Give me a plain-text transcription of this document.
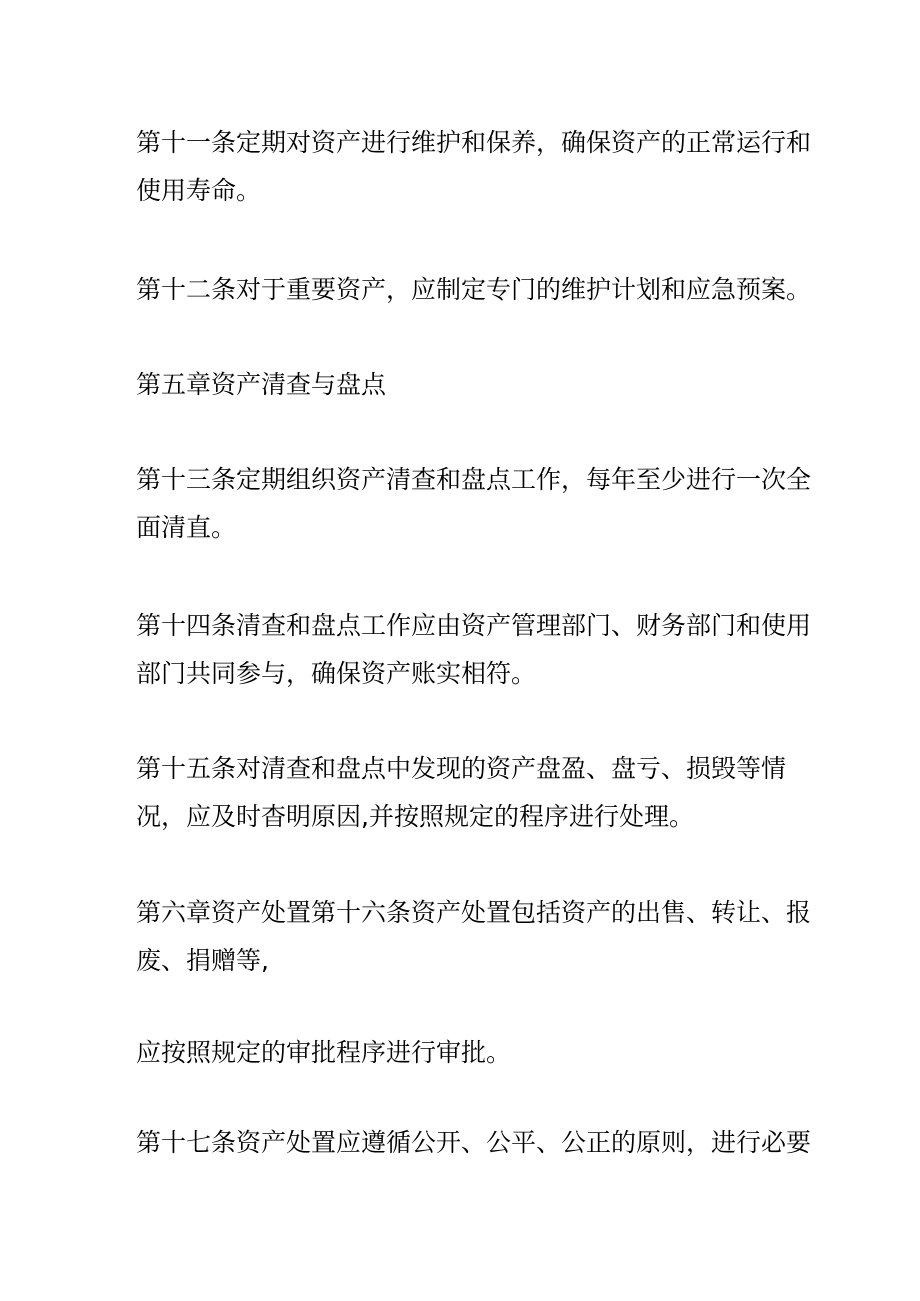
第十一条定期对资产进行维护和保养，确保资产的正常运行和
使用寿命。

第十二条对于重要资产，应制定专门的维护计划和应急预案。

第五章资产清查与盘点

第十三条定期组织资产清查和盘点工作，每年至少进行一次全
面清直。

第十四条清查和盘点工作应由资产管理部门、财务部门和使用
部门共同参与，确保资产账实相符。

第十五条对清查和盘点中发现的资产盘盈、盘亏、损毁等情
况，应及时杳明原因,并按照规定的程序进行处理。

第六章资产处置第十六条资产处置包括资产的出售、转让、报
废、捐赠等,

应按照规定的审批程序进行审批。

第十七条资产处置应遵循公开、公平、公正的原则，进行必要
